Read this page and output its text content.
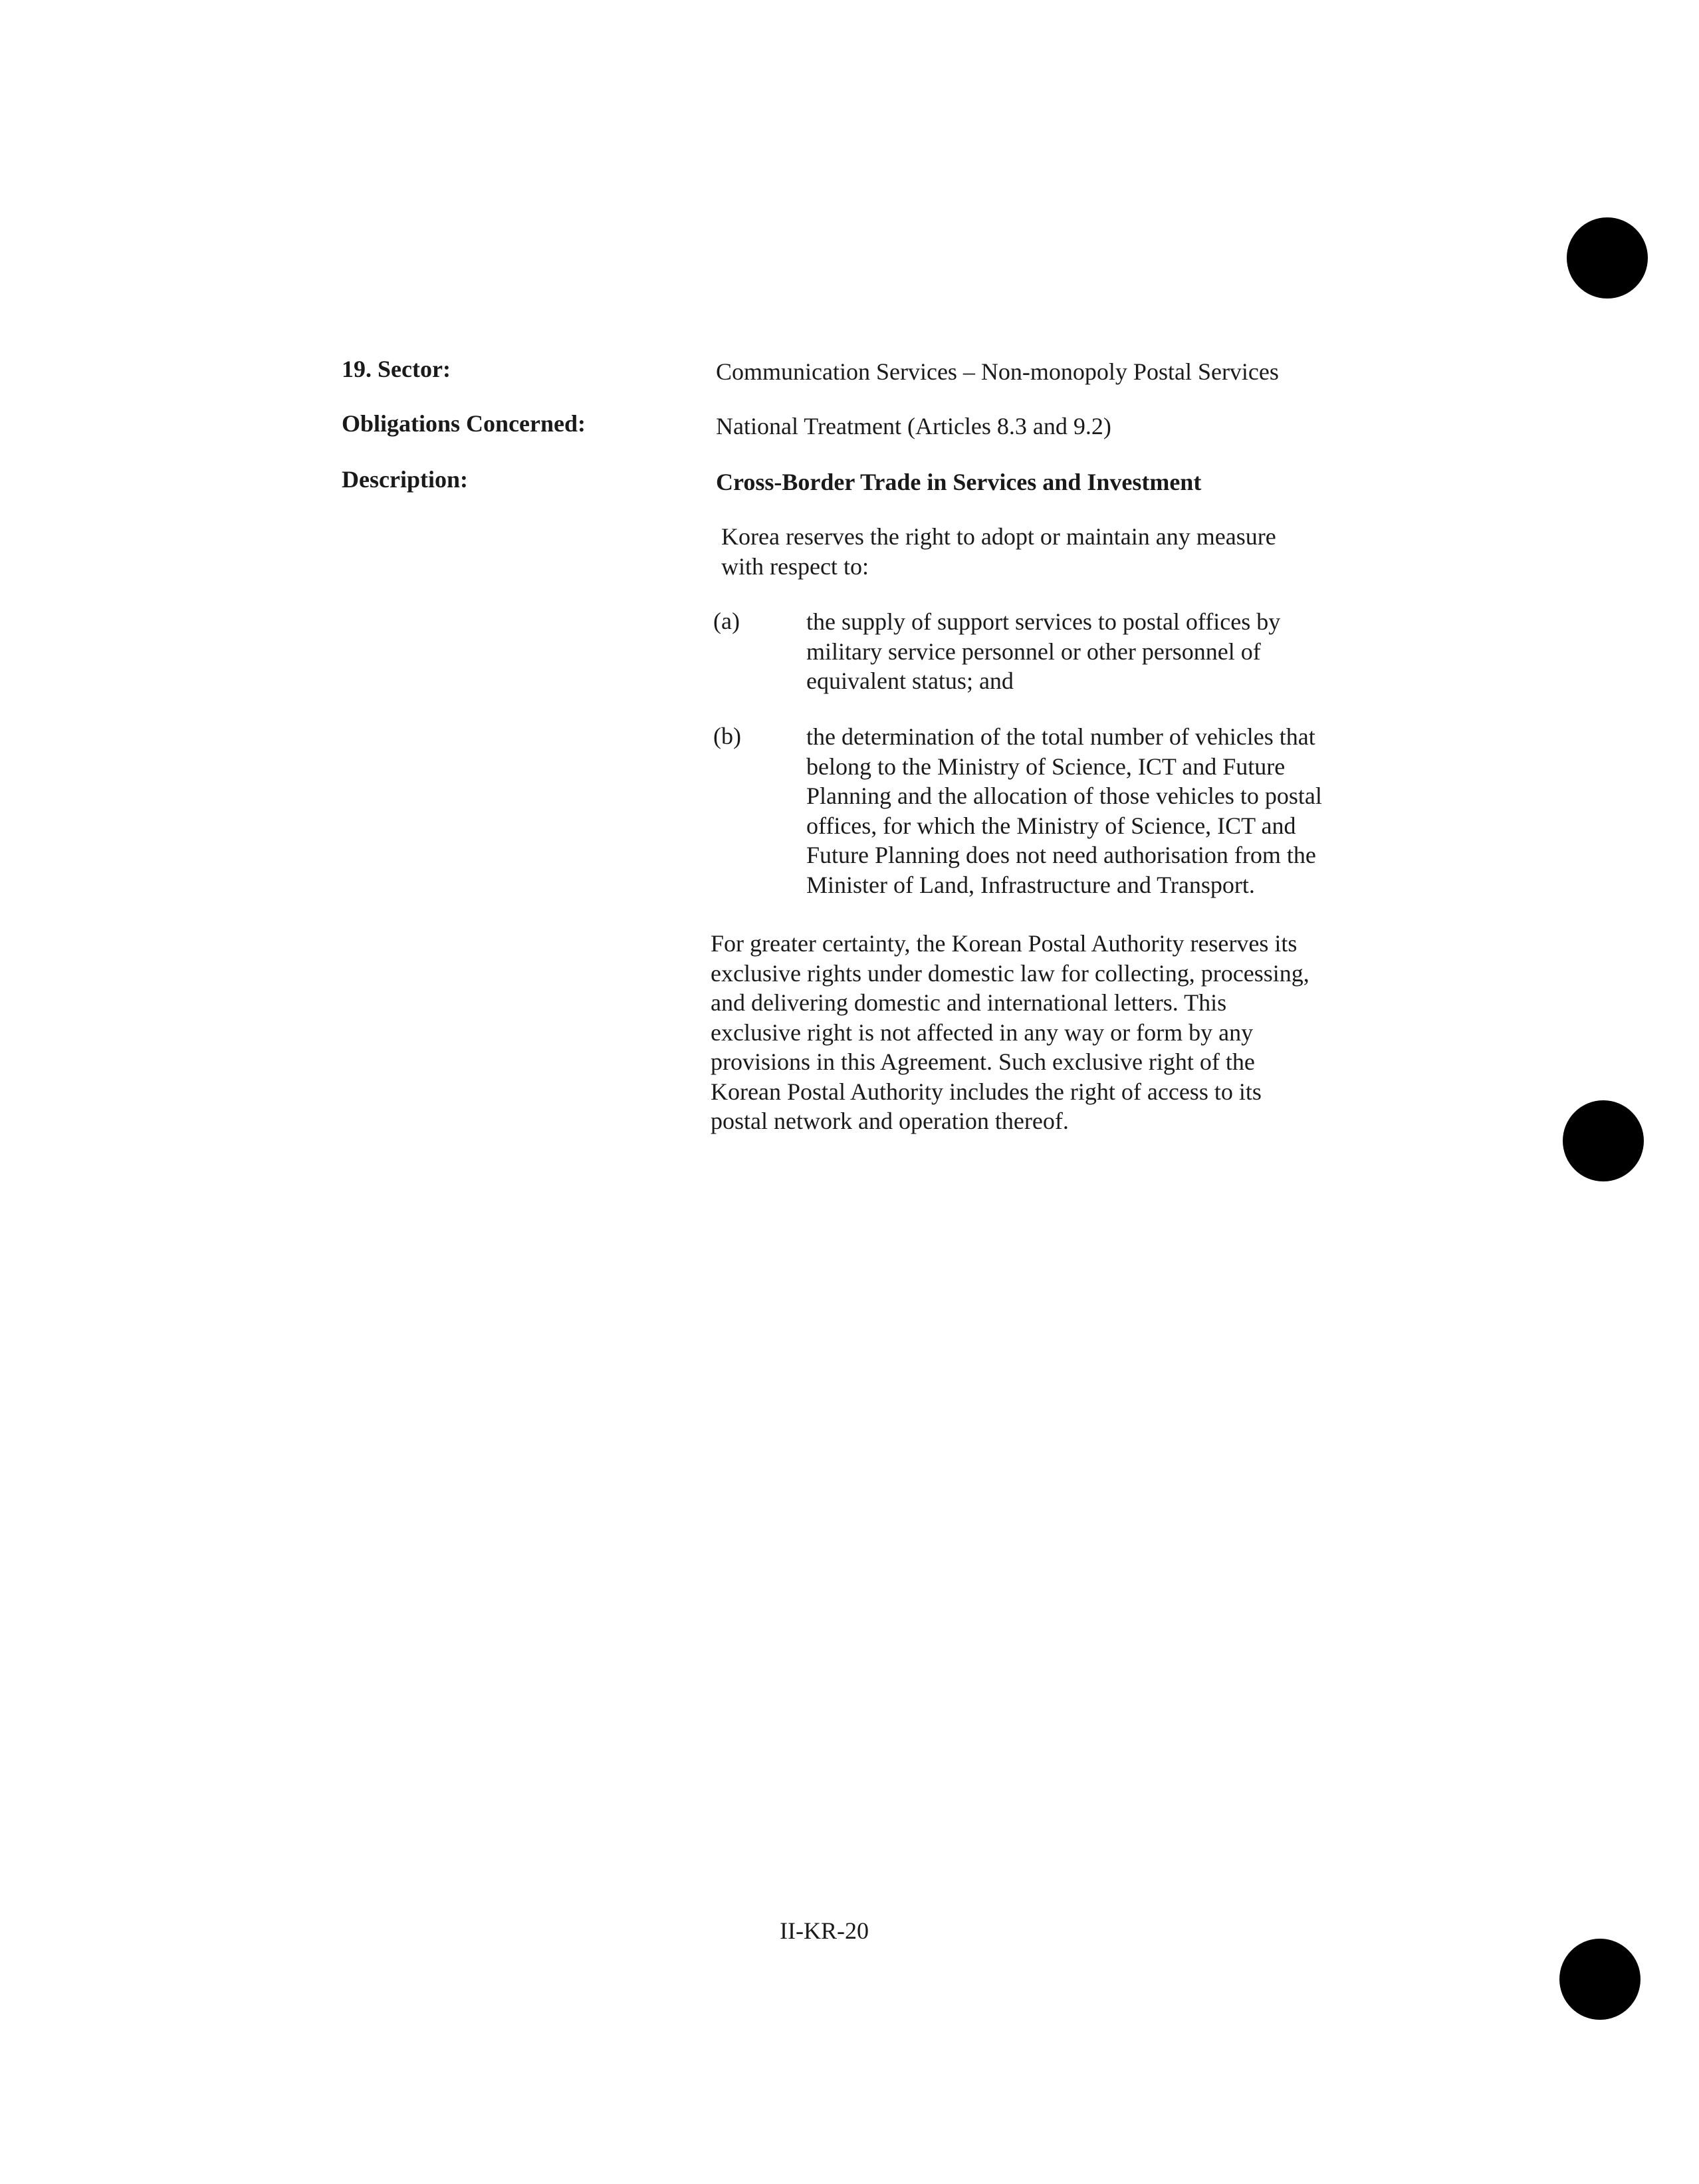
19. Sector:	Communication Services – Non-monopoly Postal Services
Obligations Concerned:	National Treatment (Articles 8.3 and 9.2)
Description:	Cross-Border Trade in Services and Investment
Korea reserves the right to adopt or maintain any measure
with respect to:
(a)	the supply of support services to postal offices by
military service personnel or other personnel of
equivalent status; and
(b)	the determination of the total number of vehicles that
belong to the Ministry of Science, ICT and Future
Planning and the allocation of those vehicles to postal
offices, for which the Ministry of Science, ICT and
Future Planning does not need authorisation from the
Minister of Land, Infrastructure and Transport.
For greater certainty, the Korean Postal Authority reserves its
exclusive rights under domestic law for collecting, processing,
and delivering domestic and international letters. This
exclusive right is not affected in any way or form by any
provisions in this Agreement. Such exclusive right of the
Korean Postal Authority includes the right of access to its
postal network and operation thereof.
II-KR-20
